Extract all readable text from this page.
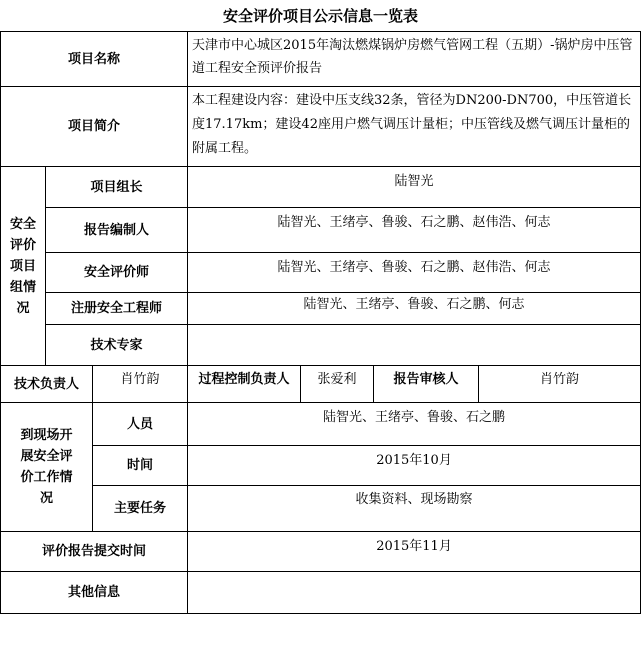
安全评价项目公示信息一览表
项目名称			天津市中心城区2015年淘汰燃煤锅炉房燃气管网工程（五期）-锅炉房中压管道工程安全预评价报告			
项目简介			本工程建设内容：建设中压支线32条，管径为DN200-DN700，中压管道长度17.17km；建设42座用户燃气调压计量柜；中压管线及燃气调压计量柜的附属工程。			
安全评价项目组情况	项目组长		陆智光			
	报告编制人		陆智光、王绪亭、鲁骏、石之鹏、赵伟浩、何志			
	安全评价师		陆智光、王绪亭、鲁骏、石之鹏、赵伟浩、何志			
	注册安全工程师		陆智光、王绪亭、鲁骏、石之鹏、何志			
	技术专家					
技术负责人		肖竹韵	过程控制负责人	张爱利	报告审核人	肖竹韵
到现场开展安全评价工作情况		人员	陆智光、王绪亭、鲁骏、石之鹏			
		时间	2015年10月			
		主要任务	收集资料、现场勘察			
评价报告提交时间			2015年11月			
其他信息						
